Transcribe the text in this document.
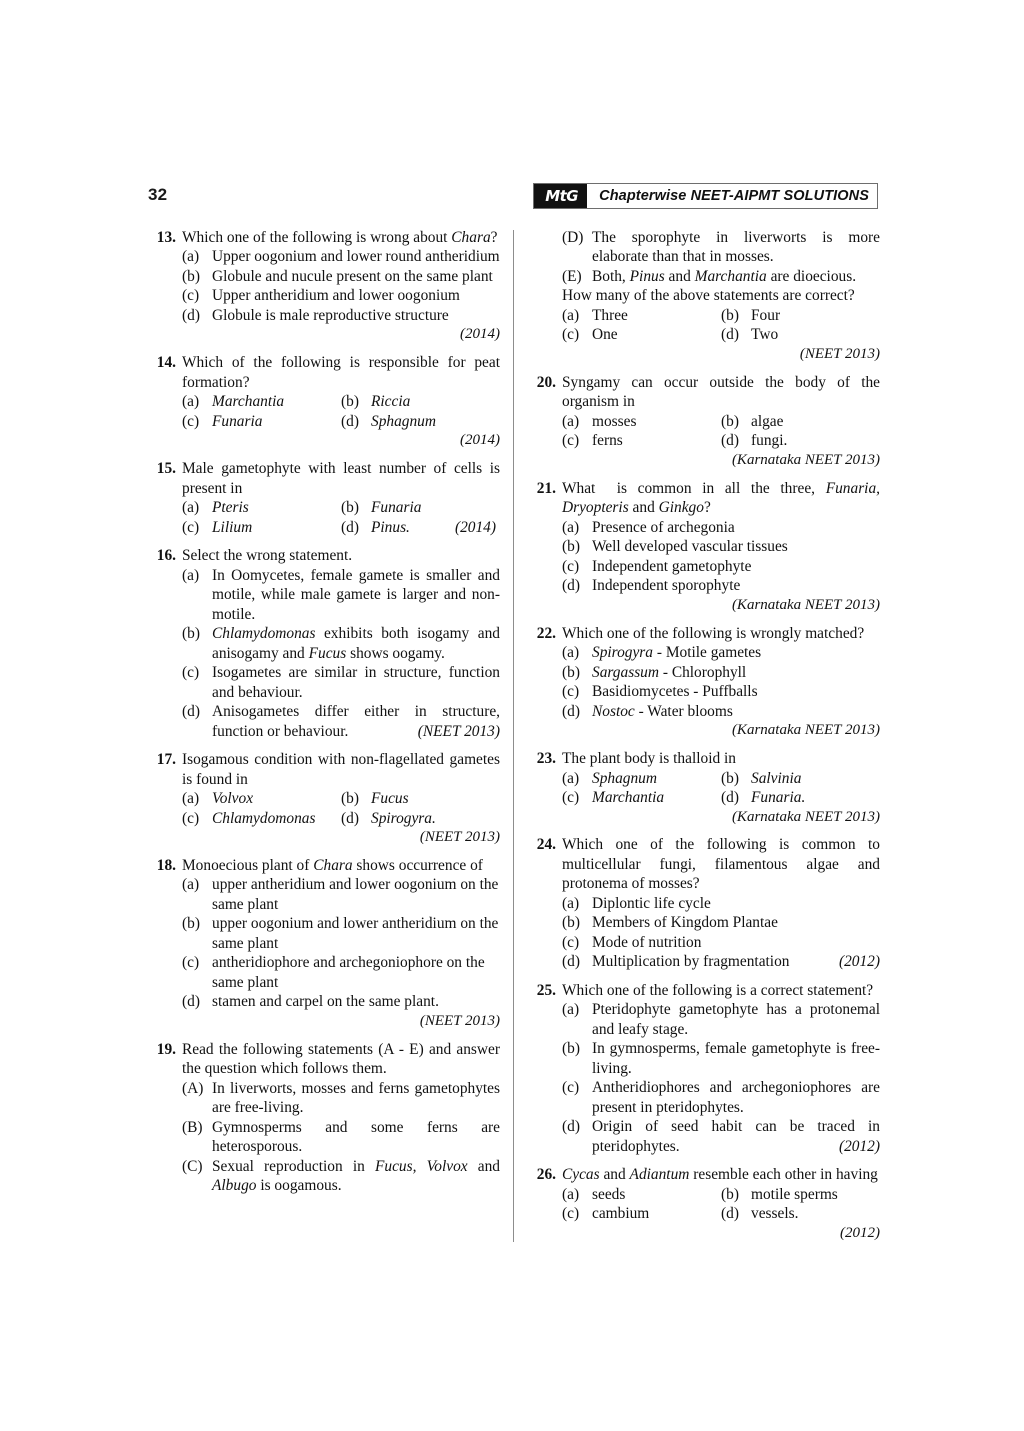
32	MtG	Chapterwise NEET-AIPMT SOLUTIONS
13. Which one of the following is wrong about Chara?
(a) Upper oogonium and lower round antheridium
(b) Globule and nucule present on the same plant
(c) Upper antheridium and lower oogonium
(d) Globule is male reproductive structure
(2014)
14. Which of the following is responsible for peat formation?
(a) Marchantia	(b) Riccia
(c) Funaria	(d) Sphagnum
(2014)
15. Male gametophyte with least number of cells is present in
(a) Pteris	(b) Funaria
(c) Lilium	(d) Pinus.	(2014)
16. Select the wrong statement.
(a) In Oomycetes, female gamete is smaller and motile, while male gamete is larger and non-motile.
(b) Chlamydomonas exhibits both isogamy and anisogamy and Fucus shows oogamy.
(c) Isogametes are similar in structure, function and behaviour.
(d) Anisogametes differ either in structure, function or behaviour.	(NEET 2013)
17. Isogamous condition with non-flagellated gametes is found in
(a) Volvox	(b) Fucus
(c) Chlamydomonas	(d) Spirogyra.
(NEET 2013)
18. Monoecious plant of Chara shows occurrence of
(a) upper antheridium and lower oogonium on the same plant
(b) upper oogonium and lower antheridium on the same plant
(c) antheridiophore and archegoniophore on the same plant
(d) stamen and carpel on the same plant.
(NEET 2013)
19. Read the following statements (A - E) and answer the question which follows them.
(A) In liverworts, mosses and ferns gametophytes are free-living.
(B) Gymnosperms and some ferns are heterosporous.
(C) Sexual reproduction in Fucus, Volvox and Albugo is oogamous.
(D) The sporophyte in liverworts is more elaborate than that in mosses.
(E) Both, Pinus and Marchantia are dioecious.
How many of the above statements are correct?
(a) Three	(b) Four
(c) One	(d) Two
(NEET 2013)
20. Syngamy can occur outside the body of the organism in
(a) mosses	(b) algae
(c) ferns	(d) fungi.
(Karnataka NEET 2013)
21. What  is common in all the three, Funaria, Dryopteris and Ginkgo?
(a) Presence of archegonia
(b) Well developed vascular tissues
(c) Independent gametophyte
(d) Independent sporophyte
(Karnataka NEET 2013)
22. Which one of the following is wrongly matched?
(a) Spirogyra - Motile gametes
(b) Sargassum - Chlorophyll
(c) Basidiomycetes - Puffballs
(d) Nostoc - Water blooms
(Karnataka NEET 2013)
23. The plant body is thalloid in
(a) Sphagnum	(b) Salvinia
(c) Marchantia	(d) Funaria.
(Karnataka NEET 2013)
24. Which one of the following is common to multicellular fungi, filamentous algae and protonema of mosses?
(a) Diplontic life cycle
(b) Members of Kingdom Plantae
(c) Mode of nutrition
(d) Multiplication by fragmentation	(2012)
25. Which one of the following is a correct statement?
(a) Pteridophyte gametophyte has a protonemal and leafy stage.
(b) In gymnosperms, female gametophyte is free-living.
(c) Antheridiophores and archegoniophores are present in pteridophytes.
(d) Origin of seed habit can be traced in pteridophytes.	(2012)
26. Cycas and Adiantum resemble each other in having
(a) seeds	(b) motile sperms
(c) cambium	(d) vessels.
(2012)
